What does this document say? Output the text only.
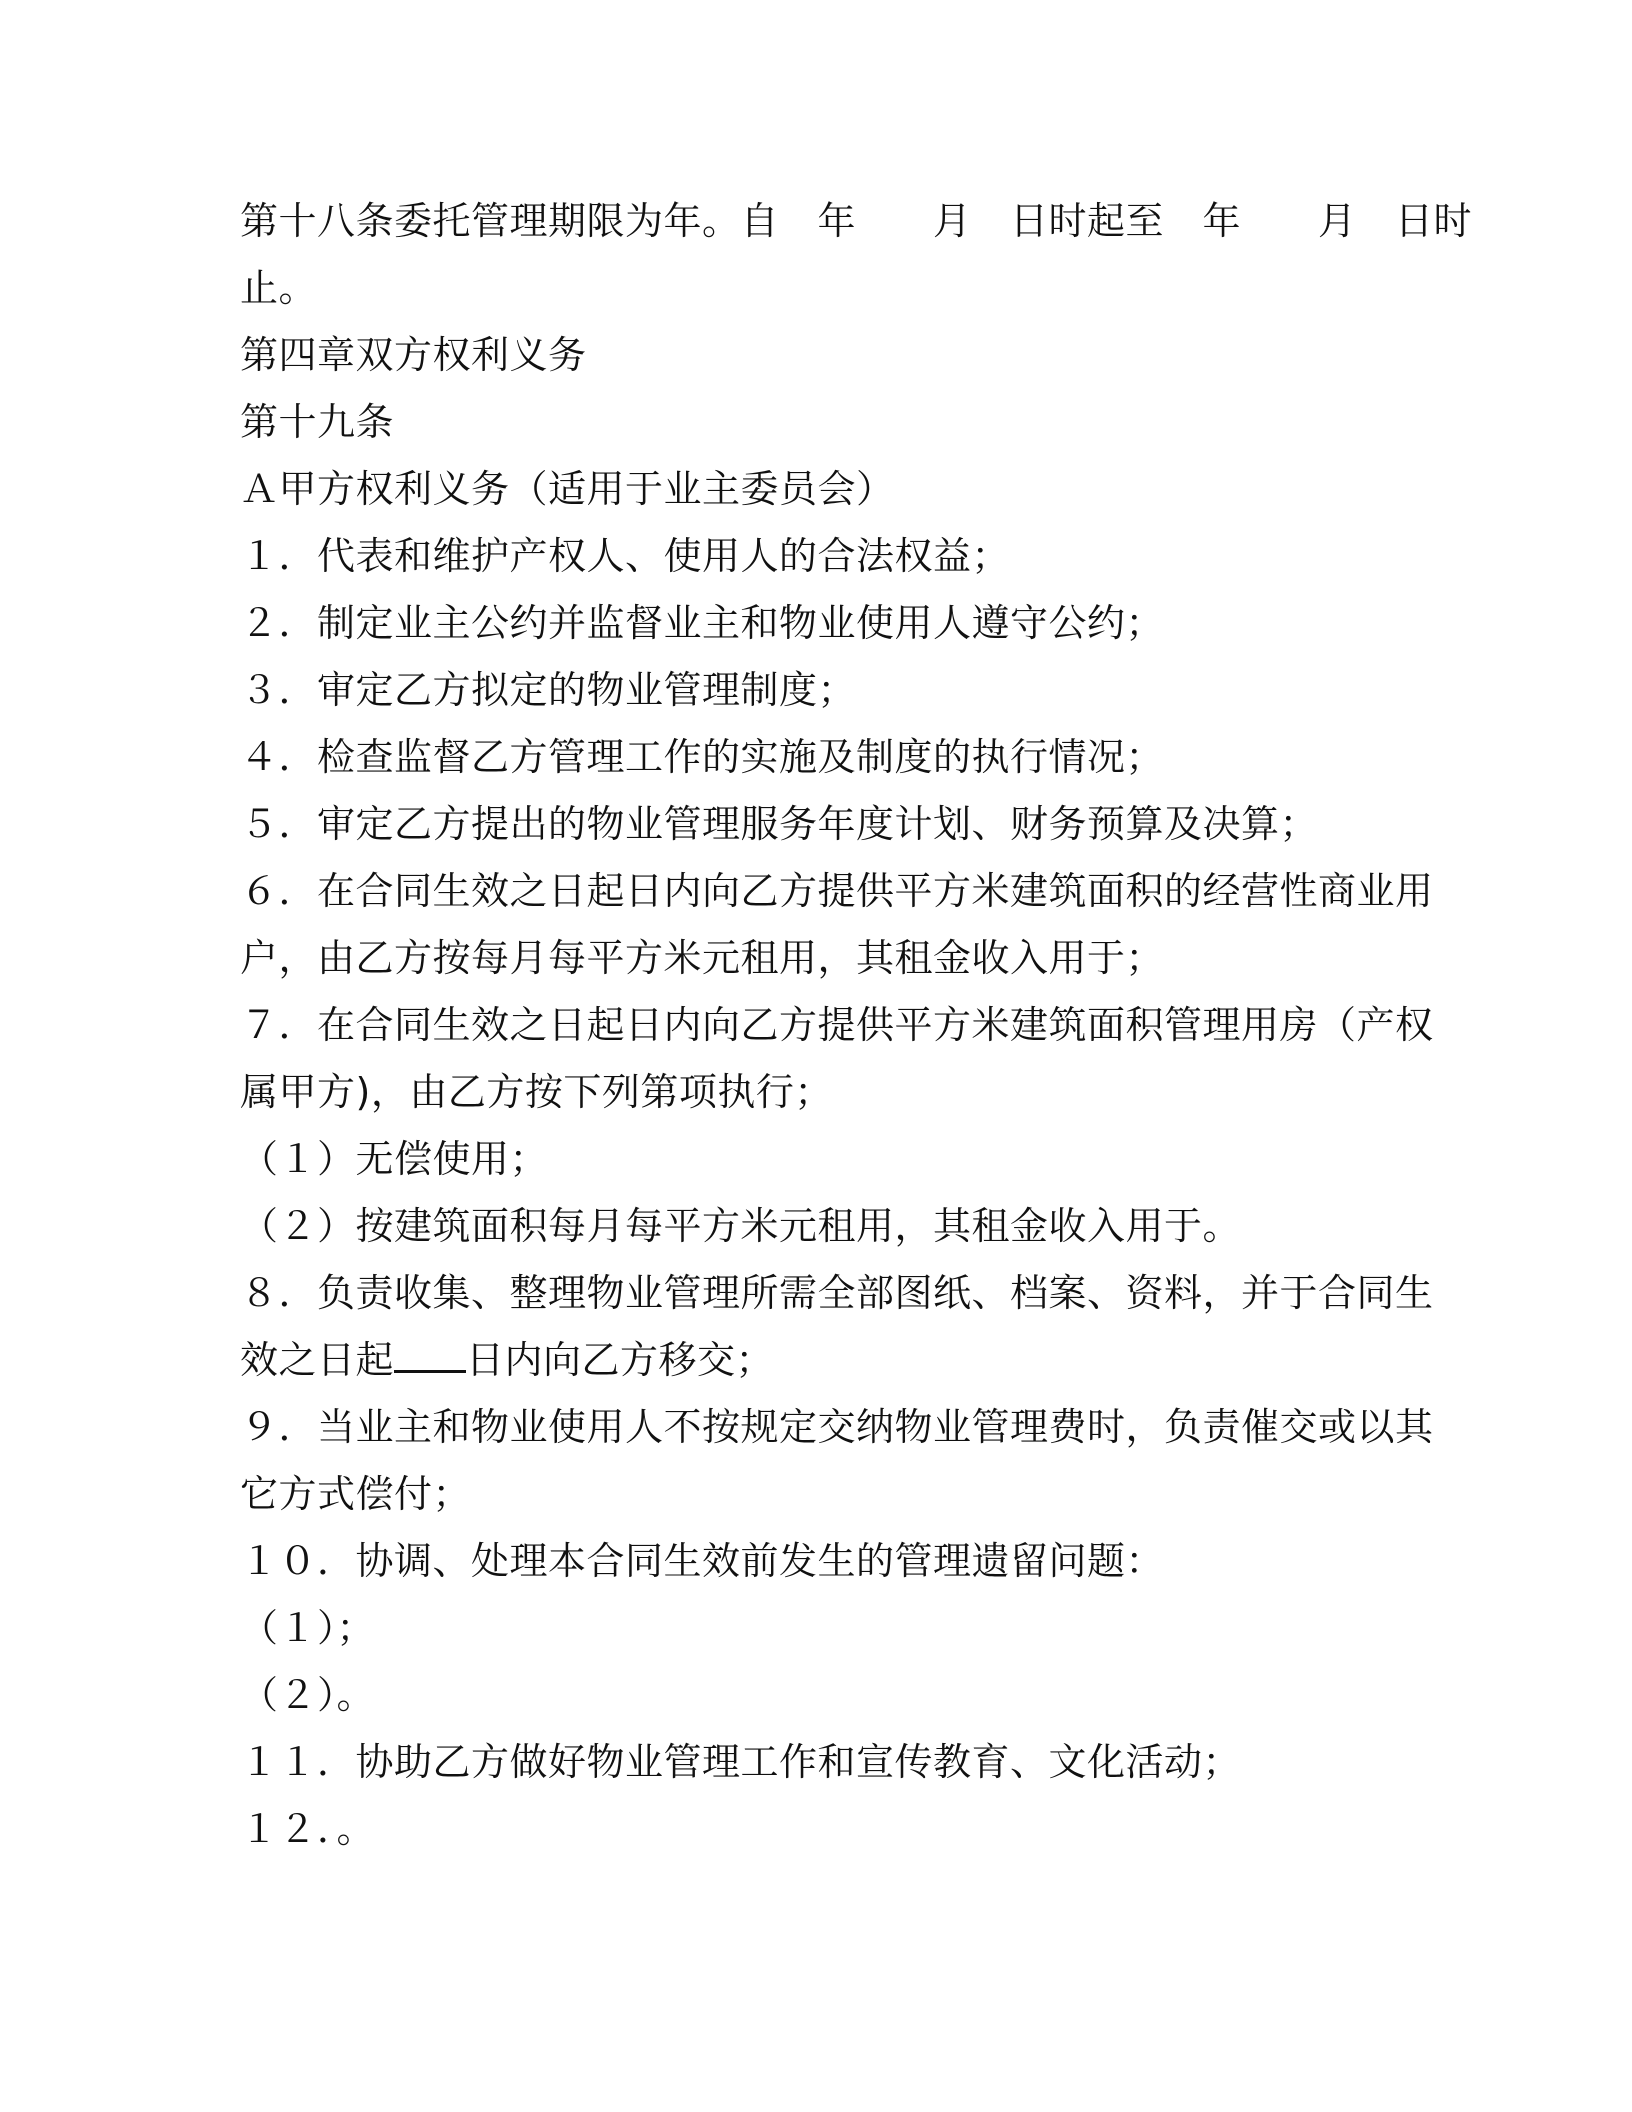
第十八条委托管理期限为年。自　年　　月　日时起至　年　　月　日时
止。
第四章双方权利义务
第十九条
Ａ甲方权利义务（适用于业主委员会）
１．代表和维护产权人、使用人的合法权益；
２．制定业主公约并监督业主和物业使用人遵守公约；
３．审定乙方拟定的物业管理制度；
４．检查监督乙方管理工作的实施及制度的执行情况；
５．审定乙方提出的物业管理服务年度计划、财务预算及决算；
６．在合同生效之日起日内向乙方提供平方米建筑面积的经营性商业用
户，由乙方按每月每平方米元租用，其租金收入用于；
７．在合同生效之日起日内向乙方提供平方米建筑面积管理用房（产权
属甲方)，由乙方按下列第项执行；
（１）无偿使用；
（２）按建筑面积每月每平方米元租用，其租金收入用于。
８．负责收集、整理物业管理所需全部图纸、档案、资料，并于合同生
效之日起 日内向乙方移交；
９．当业主和物业使用人不按规定交纳物业管理费时，负责催交或以其
它方式偿付；
１０．协调、处理本合同生效前发生的管理遗留问题：
（１）；
（２）。
１１．协助乙方做好物业管理工作和宣传教育、文化活动；
１２．。
